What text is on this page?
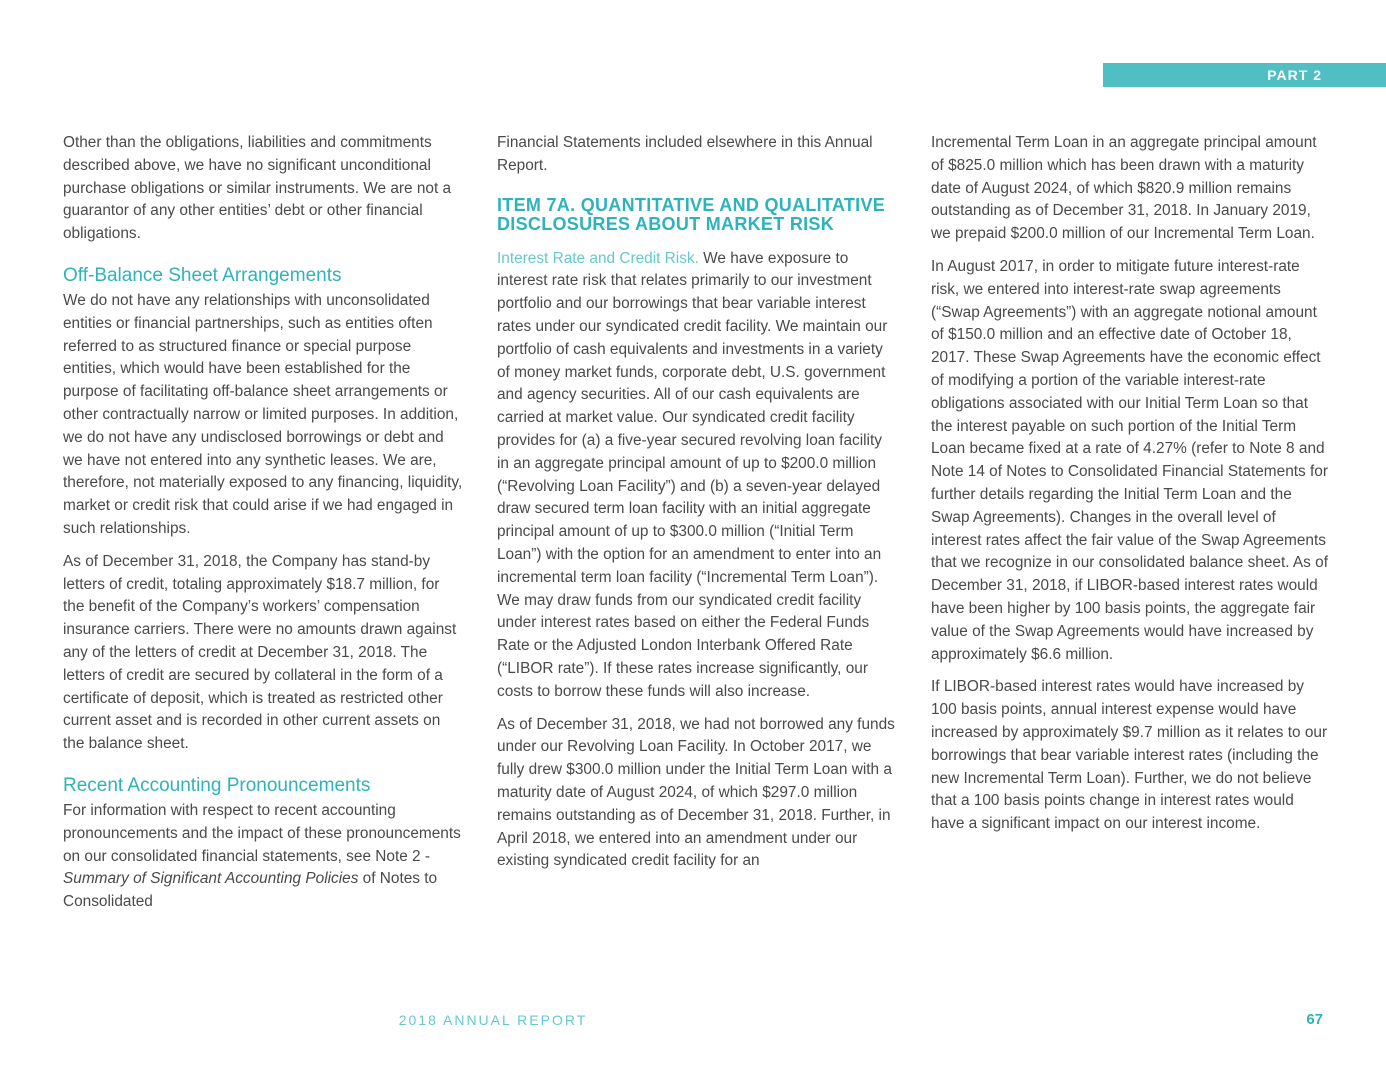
PART 2

Other than the obligations, liabilities and commitments described above, we have no significant unconditional purchase obligations or similar instruments. We are not a guarantor of any other entities’ debt or other financial obligations.

Off-Balance Sheet Arrangements

We do not have any relationships with unconsolidated entities or financial partnerships, such as entities often referred to as structured finance or special purpose entities, which would have been established for the purpose of facilitating off-balance sheet arrangements or other contractually narrow or limited purposes. In addition, we do not have any undisclosed borrowings or debt and we have not entered into any synthetic leases. We are, therefore, not materially exposed to any financing, liquidity, market or credit risk that could arise if we had engaged in such relationships.

As of December 31, 2018, the Company has stand-by letters of credit, totaling approximately $18.7 million, for the benefit of the Company’s workers’ compensation insurance carriers. There were no amounts drawn against any of the letters of credit at December 31, 2018. The letters of credit are secured by collateral in the form of a certificate of deposit, which is treated as restricted other current asset and is recorded in other current assets on the balance sheet.

Recent Accounting Pronouncements

For information with respect to recent accounting pronouncements and the impact of these pronouncements on our consolidated financial statements, see Note 2 - Summary of Significant Accounting Policies of Notes to Consolidated

Financial Statements included elsewhere in this Annual Report.

ITEM 7A. QUANTITATIVE AND QUALITATIVE DISCLOSURES ABOUT MARKET RISK

Interest Rate and Credit Risk. We have exposure to interest rate risk that relates primarily to our investment portfolio and our borrowings that bear variable interest rates under our syndicated credit facility. We maintain our portfolio of cash equivalents and investments in a variety of money market funds, corporate debt, U.S. government and agency securities. All of our cash equivalents are carried at market value. Our syndicated credit facility provides for (a) a five-year secured revolving loan facility in an aggregate principal amount of up to $200.0 million (“Revolving Loan Facility”) and (b) a seven-year delayed draw secured term loan facility with an initial aggregate principal amount of up to $300.0 million (“Initial Term Loan”) with the option for an amendment to enter into an incremental term loan facility (“Incremental Term Loan”). We may draw funds from our syndicated credit facility under interest rates based on either the Federal Funds Rate or the Adjusted London Interbank Offered Rate (“LIBOR rate”). If these rates increase significantly, our costs to borrow these funds will also increase.

As of December 31, 2018, we had not borrowed any funds under our Revolving Loan Facility. In October 2017, we fully drew $300.0 million under the Initial Term Loan with a maturity date of August 2024, of which $297.0 million remains outstanding as of December 31, 2018. Further, in April 2018, we entered into an amendment under our existing syndicated credit facility for an

Incremental Term Loan in an aggregate principal amount of $825.0 million which has been drawn with a maturity date of August 2024, of which $820.9 million remains outstanding as of December 31, 2018. In January 2019, we prepaid $200.0 million of our Incremental Term Loan.

In August 2017, in order to mitigate future interest-rate risk, we entered into interest-rate swap agreements (“Swap Agreements”) with an aggregate notional amount of $150.0 million and an effective date of October 18, 2017. These Swap Agreements have the economic effect of modifying a portion of the variable interest-rate obligations associated with our Initial Term Loan so that the interest payable on such portion of the Initial Term Loan became fixed at a rate of 4.27% (refer to Note 8 and Note 14 of Notes to Consolidated Financial Statements for further details regarding the Initial Term Loan and the Swap Agreements). Changes in the overall level of interest rates affect the fair value of the Swap Agreements that we recognize in our consolidated balance sheet. As of December 31, 2018, if LIBOR-based interest rates would have been higher by 100 basis points, the aggregate fair value of the Swap Agreements would have increased by approximately $6.6 million.

If LIBOR-based interest rates would have increased by 100 basis points, annual interest expense would have increased by approximately $9.7 million as it relates to our borrowings that bear variable interest rates (including the new Incremental Term Loan). Further, we do not believe that a 100 basis points change in interest rates would have a significant impact on our interest income.

2018 ANNUAL REPORT	67
